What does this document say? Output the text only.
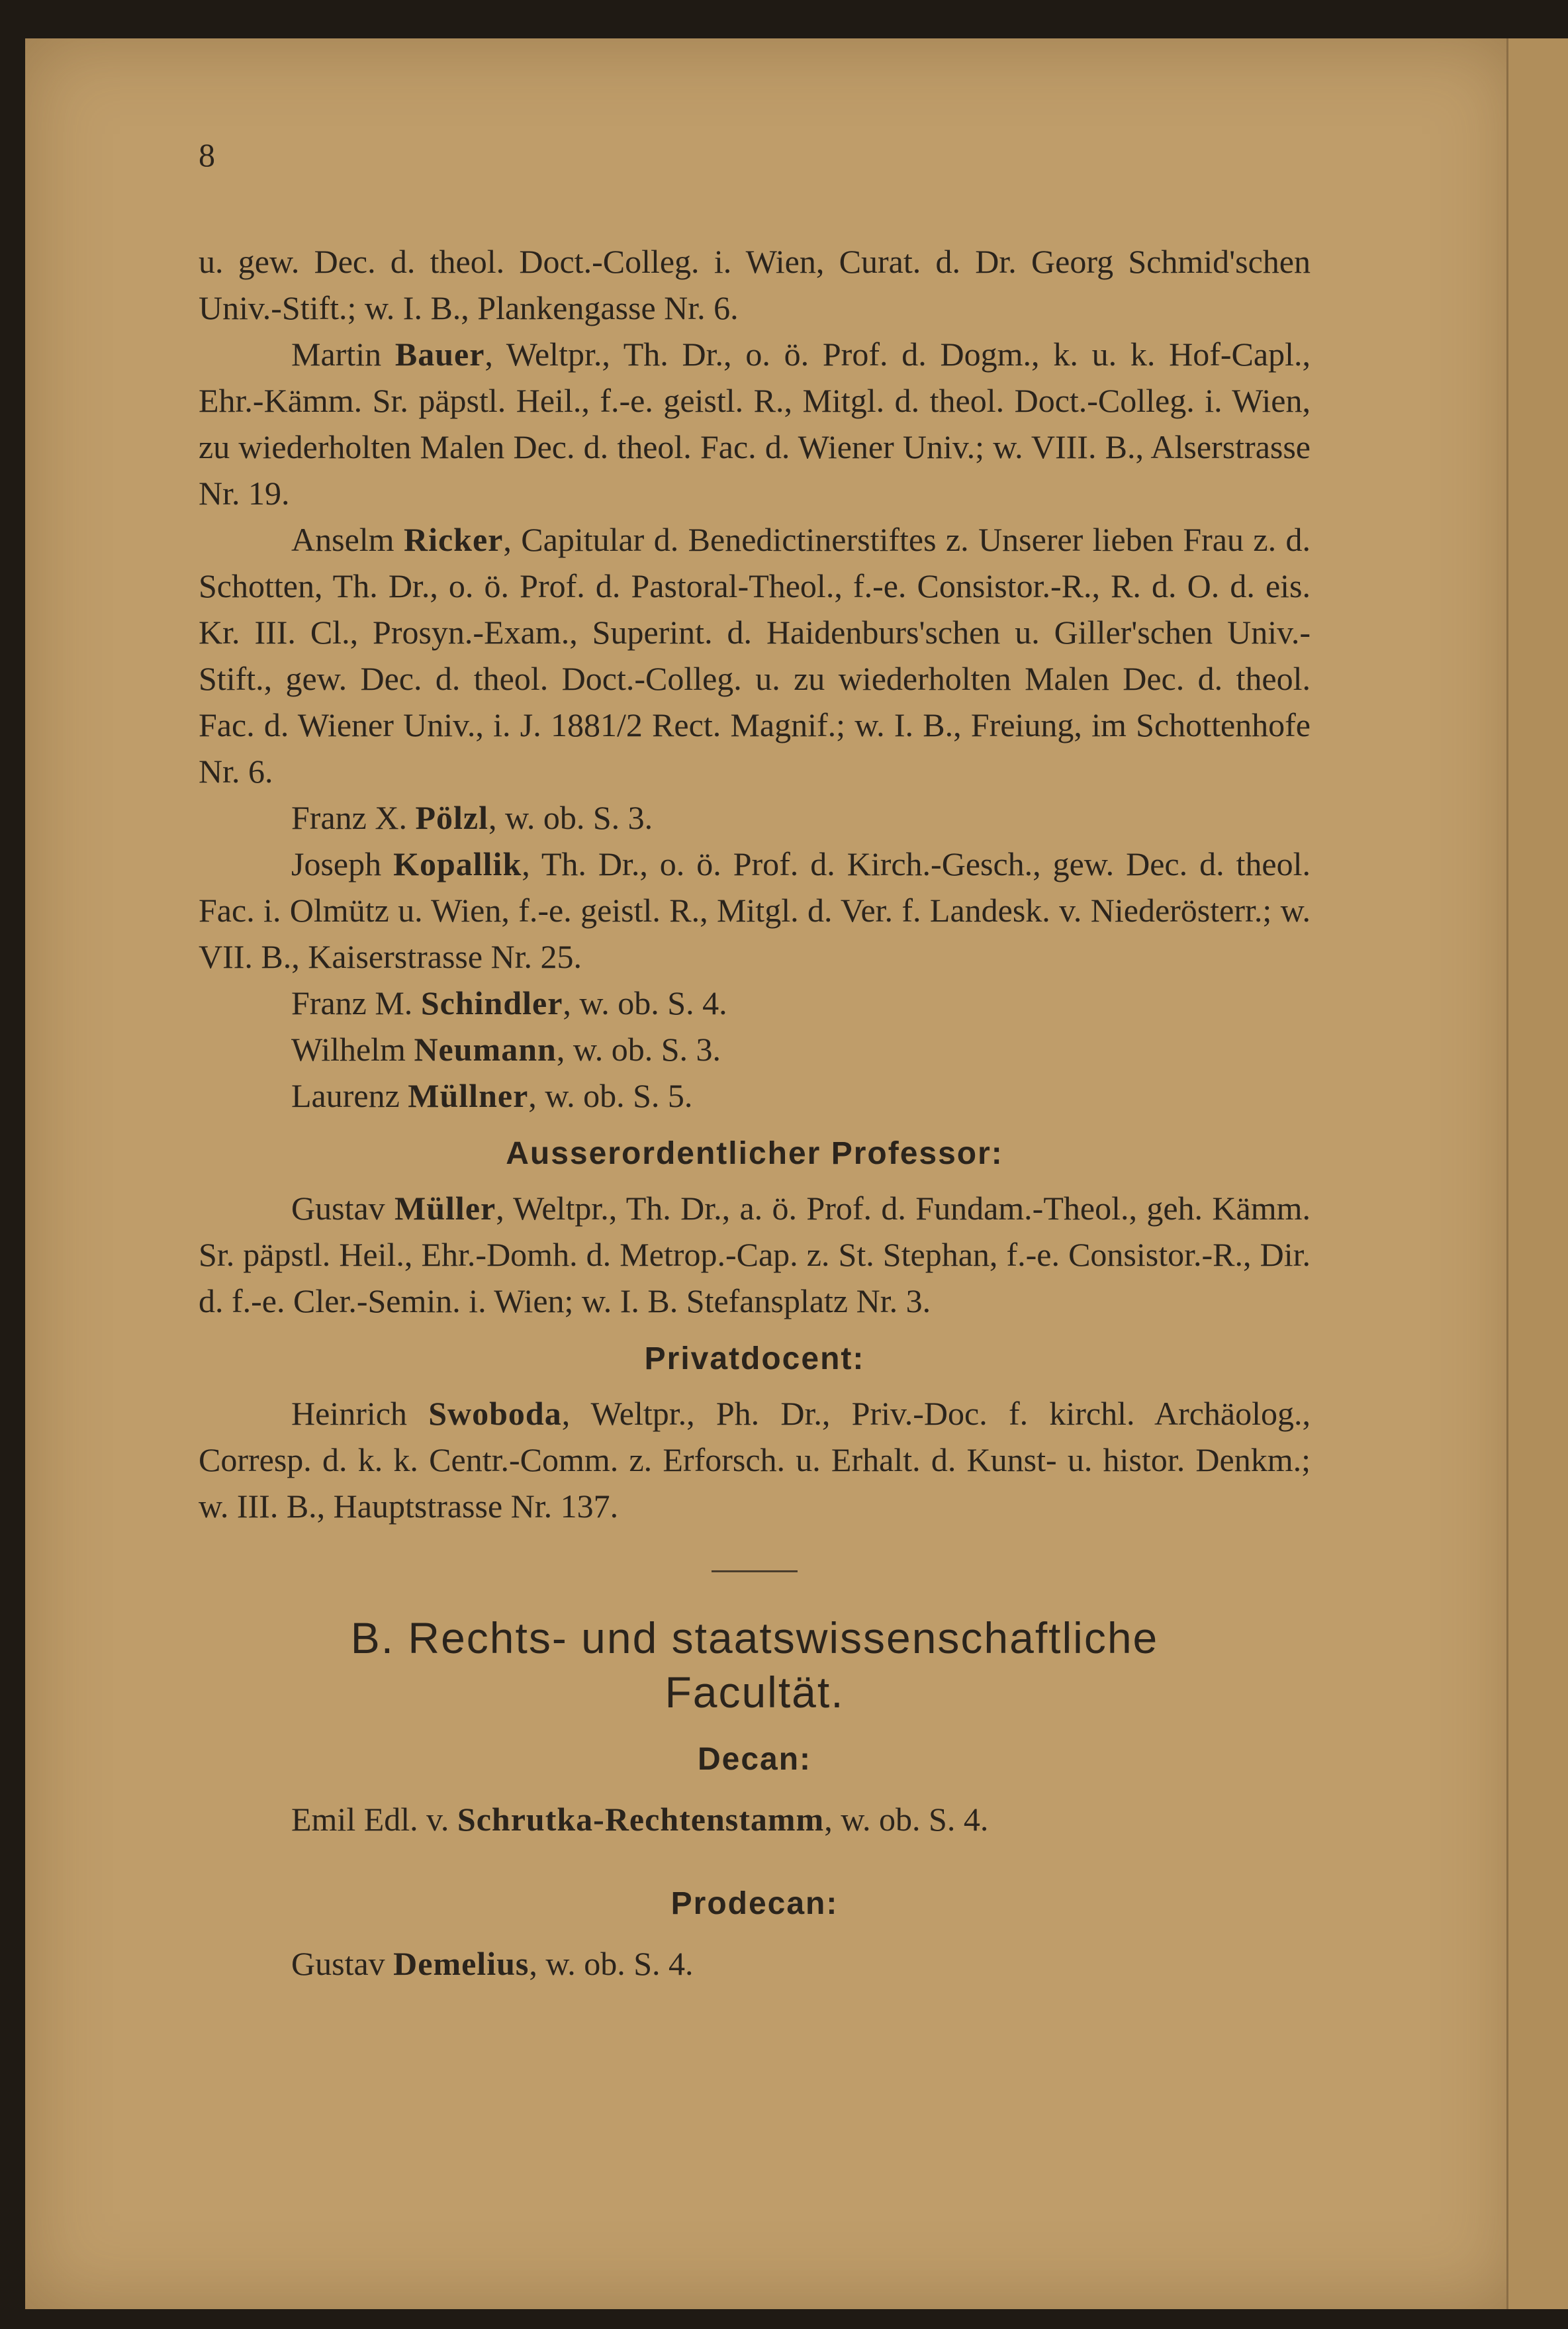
8

u. gew. Dec. d. theol. Doct.-Colleg. i. Wien, Curat. d. Dr. Georg Schmid'schen Univ.-Stift.; w. I. B., Plankengasse Nr. 6.

Martin Bauer, Weltpr., Th. Dr., o. ö. Prof. d. Dogm., k. u. k. Hof-Capl., Ehr.-Kämm. Sr. päpstl. Heil., f.-e. geistl. R., Mitgl. d. theol. Doct.-Colleg. i. Wien, zu wiederholten Malen Dec. d. theol. Fac. d. Wiener Univ.; w. VIII. B., Alserstrasse Nr. 19.

Anselm Ricker, Capitular d. Benedictinerstiftes z. Unserer lieben Frau z. d. Schotten, Th. Dr., o. ö. Prof. d. Pastoral-Theol., f.-e. Consistor.-R., R. d. O. d. eis. Kr. III. Cl., Prosyn.-Exam., Superint. d. Haidenburs'schen u. Giller'schen Univ.-Stift., gew. Dec. d. theol. Doct.-Colleg. u. zu wiederholten Malen Dec. d. theol. Fac. d. Wiener Univ., i. J. 1881/2 Rect. Magnif.; w. I. B., Freiung, im Schottenhofe Nr. 6.

Franz X. Pölzl, w. ob. S. 3.

Joseph Kopallik, Th. Dr., o. ö. Prof. d. Kirch.-Gesch., gew. Dec. d. theol. Fac. i. Olmütz u. Wien, f.-e. geistl. R., Mitgl. d. Ver. f. Landesk. v. Niederösterr.; w. VII. B., Kaiserstrasse Nr. 25.

Franz M. Schindler, w. ob. S. 4.

Wilhelm Neumann, w. ob. S. 3.

Laurenz Müllner, w. ob. S. 5.

Ausserordentlicher Professor:

Gustav Müller, Weltpr., Th. Dr., a. ö. Prof. d. Fundam.-Theol., geh. Kämm. Sr. päpstl. Heil., Ehr.-Domh. d. Metrop.-Cap. z. St. Stephan, f.-e. Consistor.-R., Dir. d. f.-e. Cler.-Semin. i. Wien; w. I. B. Stefansplatz Nr. 3.

Privatdocent:

Heinrich Swoboda, Weltpr., Ph. Dr., Priv.-Doc. f. kirchl. Archäolog., Corresp. d. k. k. Centr.-Comm. z. Erforsch. u. Erhalt. d. Kunst- u. histor. Denkm.; w. III. B., Hauptstrasse Nr. 137.

B. Rechts- und staatswissenschaftliche
Facultät.
Decan:

Emil Edl. v. Schrutka-Rechtenstamm, w. ob. S. 4.

Prodecan:

Gustav Demelius, w. ob. S. 4.
